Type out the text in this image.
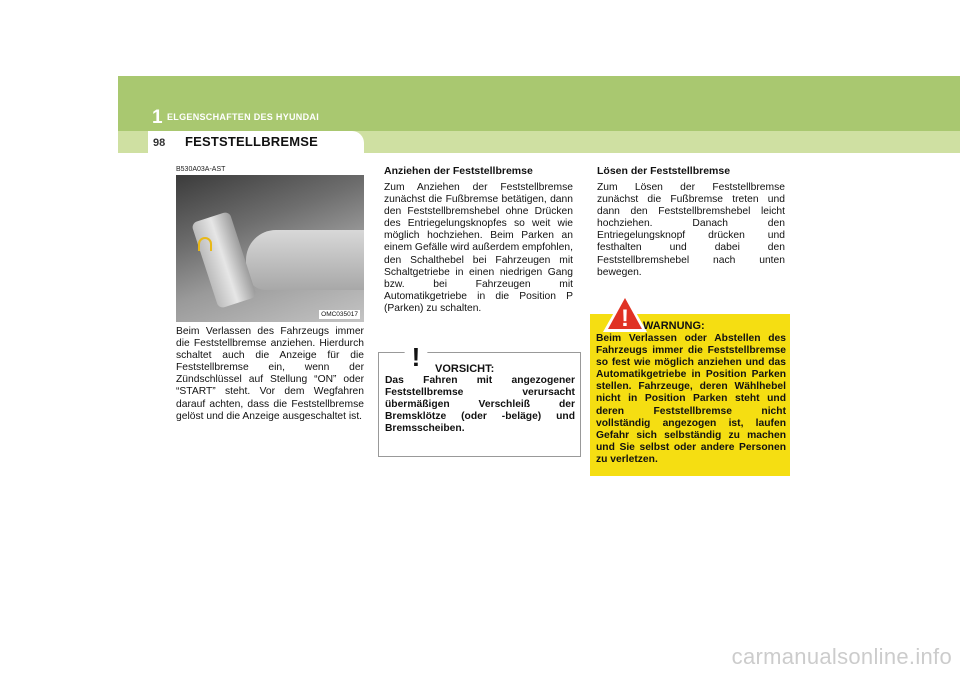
1 ELGENSCHAFTEN DES HYUNDAI
98 FESTSTELLBREMSE
B530A03A-AST
OMC035017
Beim Verlassen des Fahrzeugs immer die Feststellbremse anziehen. Hierdurch schaltet auch die Anzeige für die Feststellbremse ein, wenn der Zündschlüssel auf Stellung “ON” oder “START” steht. Vor dem Wegfahren darauf achten, dass die Feststellbremse gelöst und die Anzeige ausgeschaltet ist.
Anziehen der Feststellbremse
Zum Anziehen der Feststellbremse zunächst die Fußbremse betätigen, dann den Feststellbremshebel ohne Drücken des Entriegelungsknopfes so weit wie möglich hochziehen. Beim Parken an einem Gefälle wird außerdem empfohlen, den Schalthebel bei Fahrzeugen mit Schaltgetriebe in einen niedrigen Gang bzw. bei Fahrzeugen mit Automatikgetriebe in die Position P (Parken) zu schalten.
! VORSICHT:
Das Fahren mit angezogener Feststellbremse verursacht übermäßigen Verschleiß der Bremsklötze (oder -beläge) und Bremsscheiben.
Lösen der Feststellbremse
Zum Lösen der Feststellbremse zunächst die Fußbremse treten und dann den Feststellbremshebel leicht hochziehen. Danach den Entriegelungsknopf drücken und festhalten und dabei den Feststellbremshebel nach unten bewegen.
! WARNUNG:
Beim Verlassen oder Abstellen des Fahrzeugs immer die Feststellbremse so fest wie möglich anziehen und das Automatikgetriebe in Position Parken stellen. Fahrzeuge, deren Wählhebel nicht in Position Parken steht und deren Feststellbremse nicht vollständig angezogen ist, laufen Gefahr sich selbständig zu machen und Sie selbst oder andere Personen zu verletzen.
carmanualsonline.info
